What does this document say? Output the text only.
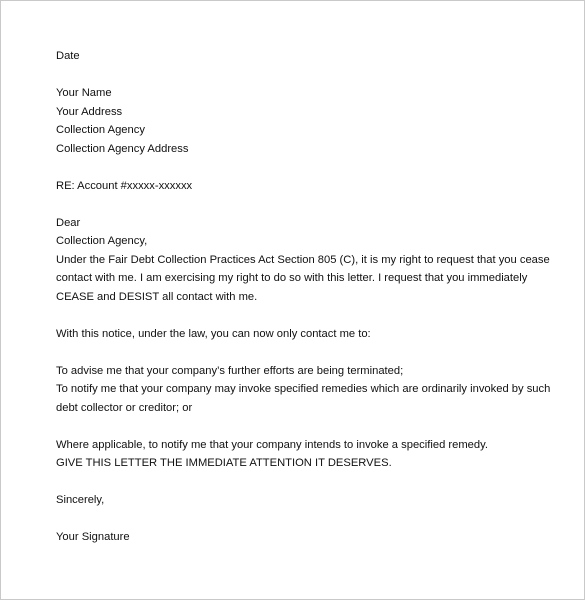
Date
Your Name
Your Address
Collection Agency
Collection Agency Address
RE: Account #xxxxx-xxxxxx
Dear
Collection Agency,
Under the Fair Debt Collection Practices Act Section 805 (C), it is my right to request that you cease
contact with me. I am exercising my right to do so with this letter. I request that you immediately
CEASE and DESIST all contact with me.
With this notice, under the law, you can now only contact me to:
To advise me that your company’s further efforts are being terminated;
To notify me that your company may invoke specified remedies which are ordinarily invoked by such
debt collector or creditor; or
Where applicable, to notify me that your company intends to invoke a specified remedy.
GIVE THIS LETTER THE IMMEDIATE ATTENTION IT DESERVES.
Sincerely,
Your Signature
